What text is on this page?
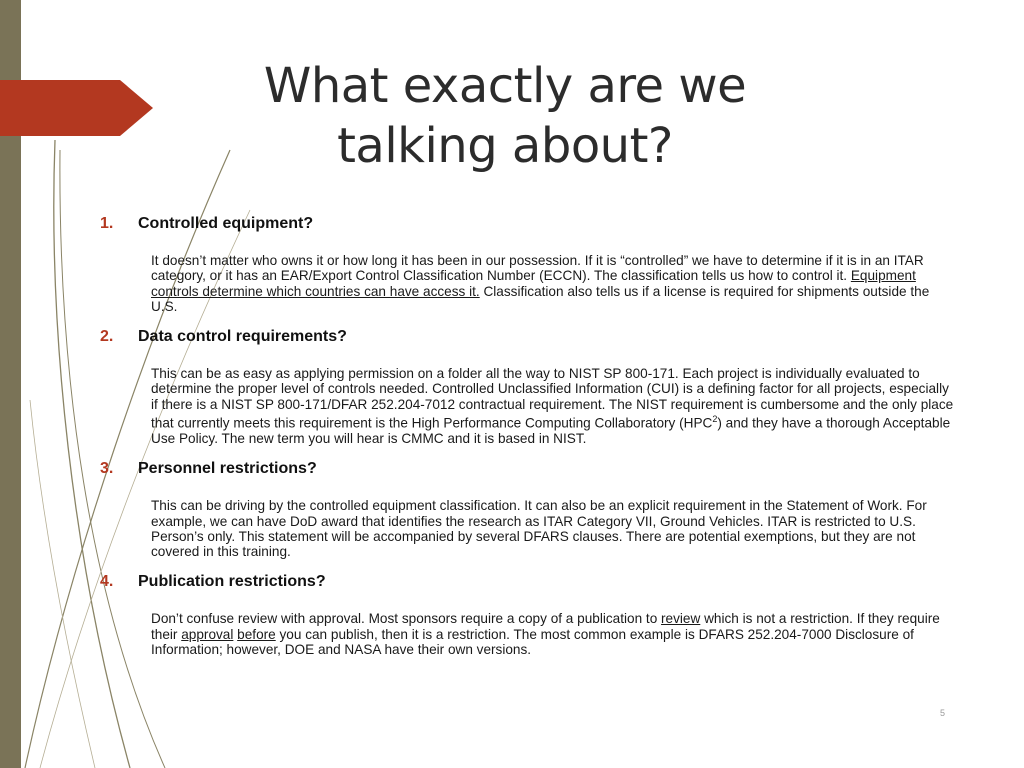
What exactly are we talking about?
1.	Controlled equipment?

It doesn’t matter who owns it or how long it has been in our possession. If it is “controlled” we have to determine if it is in an ITAR category, or it has an EAR/Export Control Classification Number (ECCN). The classification tells us how to control it. Equipment controls determine which countries can have access it. Classification also tells us if a license is required for shipments outside the U.S.

2.	Data control requirements?

This can be as easy as applying permission on a folder all the way to NIST SP 800-171. Each project is individually evaluated to determine the proper level of controls needed. Controlled Unclassified Information (CUI) is a defining factor for all projects, especially if there is a NIST SP 800-171/DFAR 252.204-7012 contractual requirement. The NIST requirement is cumbersome and the only place that currently meets this requirement is the High Performance Computing Collaboratory (HPC$^2$) and they have a thorough Acceptable Use Policy. The new term you will hear is CMMC and it is based in NIST.

3.	Personnel restrictions?

This can be driving by the controlled equipment classification. It can also be an explicit requirement in the Statement of Work. For example, we can have DoD award that identifies the research as ITAR Category VII, Ground Vehicles. ITAR is restricted to U.S. Person’s only. This statement will be accompanied by several DFARS clauses. There are potential exemptions, but they are not covered in this training.

4.	Publication restrictions?

Don’t confuse review with approval. Most sponsors require a copy of a publication to review which is not a restriction. If they require their approval before you can publish, then it is a restriction. The most common example is DFARS 252.204-7000 Disclosure of Information; however, DOE and NASA have their own versions.

5
